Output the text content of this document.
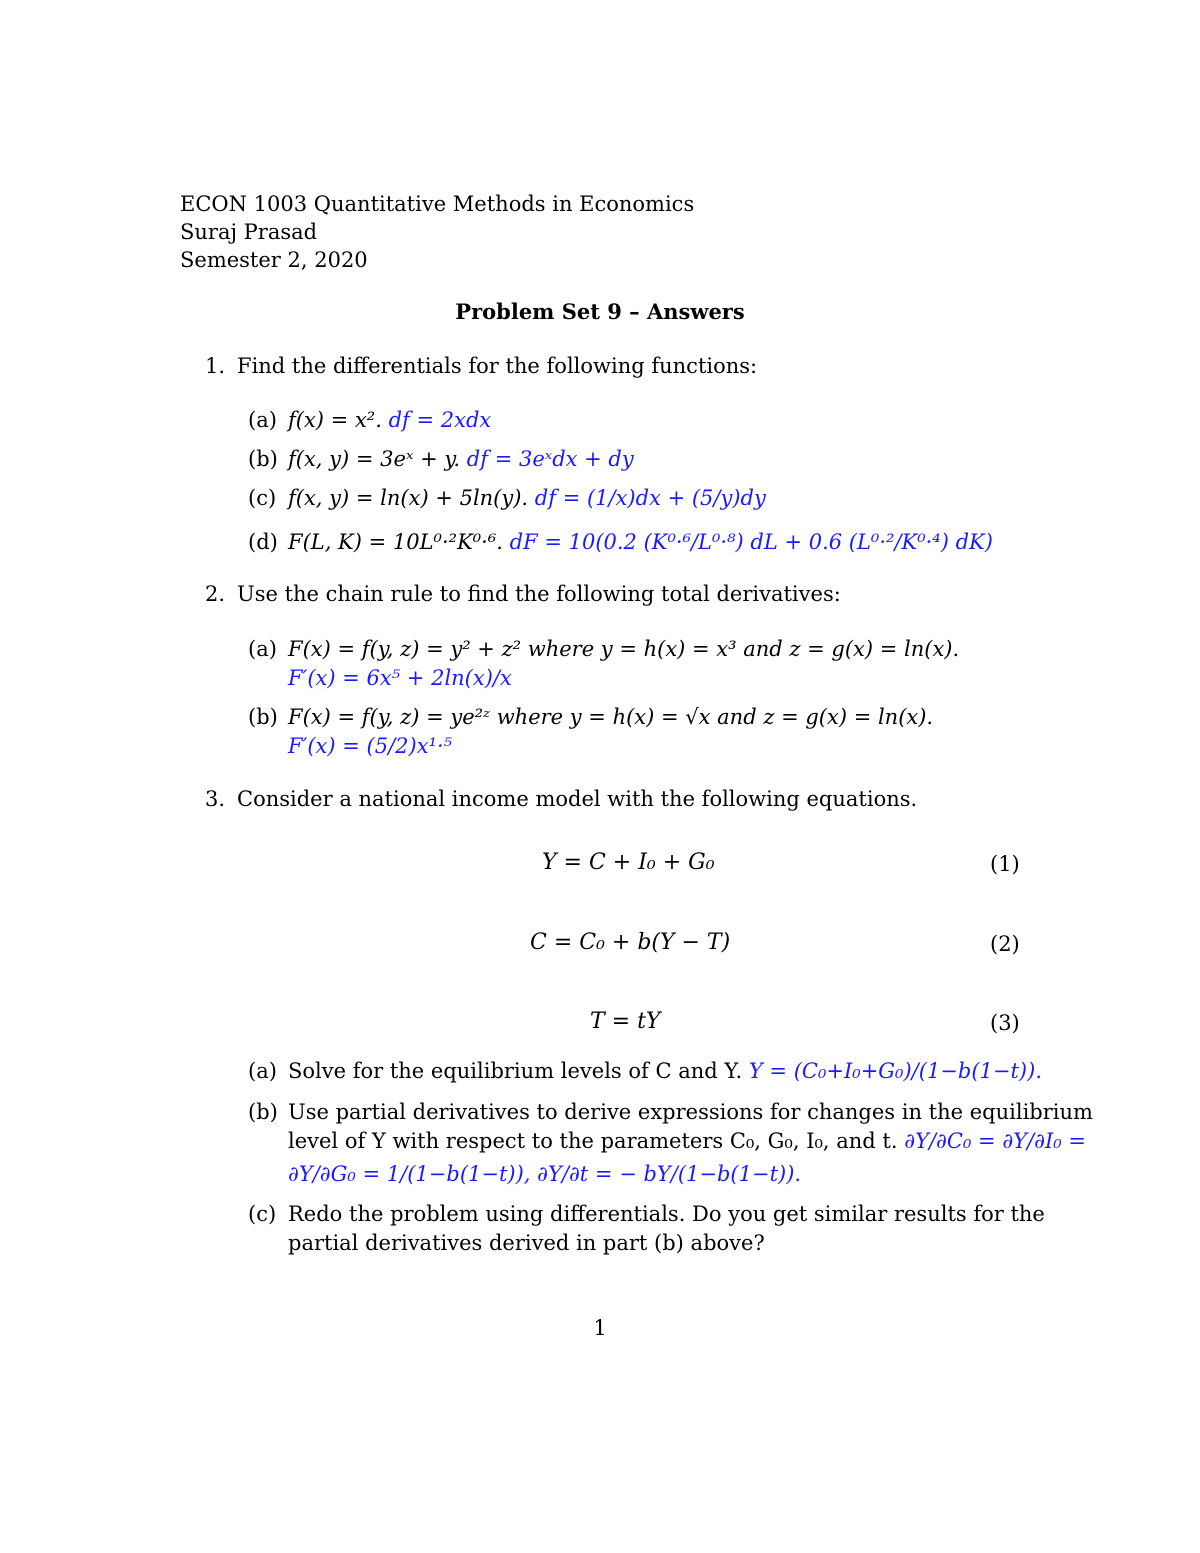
ECON 1003 Quantitative Methods in Economics
Suraj Prasad
Semester 2, 2020
Problem Set 9 – Answers
1. Find the differentials for the following functions:
(a) f(x) = x². df = 2xdx
(b) f(x, y) = 3eˣ + y. df = 3eˣdx + dy
(c) f(x, y) = ln(x) + 5ln(y). df = (1/x)dx + (5/y)dy
(d) F(L, K) = 10L⁰·²K⁰·⁶. dF = 10(0.2 (K⁰·⁶/L⁰·⁸) dL + 0.6 (L⁰·²/K⁰·⁴) dK)
2. Use the chain rule to find the following total derivatives:
(a) F(x) = f(y, z) = y² + z² where y = h(x) = x³ and z = g(x) = ln(x).
F′(x) = 6x⁵ + 2ln(x)/x
(b) F(x) = f(y, z) = ye²ᶻ where y = h(x) = √x and z = g(x) = ln(x).
F′(x) = (5/2)x¹·⁵
3. Consider a national income model with the following equations.
Y = C + I₀ + G₀	(1)
C = C₀ + b(Y − T)	(2)
T = tY	(3)
(a) Solve for the equilibrium levels of C and Y. Y = (C₀+I₀+G₀)/(1−b(1−t)).
(b) Use partial derivatives to derive expressions for changes in the equilibrium
level of Y with respect to the parameters C₀, G₀, I₀, and t. ∂Y/∂C₀ = ∂Y/∂I₀ =
∂Y/∂G₀ = 1/(1−b(1−t)), ∂Y/∂t = − bY/(1−b(1−t)).
(c) Redo the problem using differentials. Do you get similar results for the
partial derivatives derived in part (b) above?
1
